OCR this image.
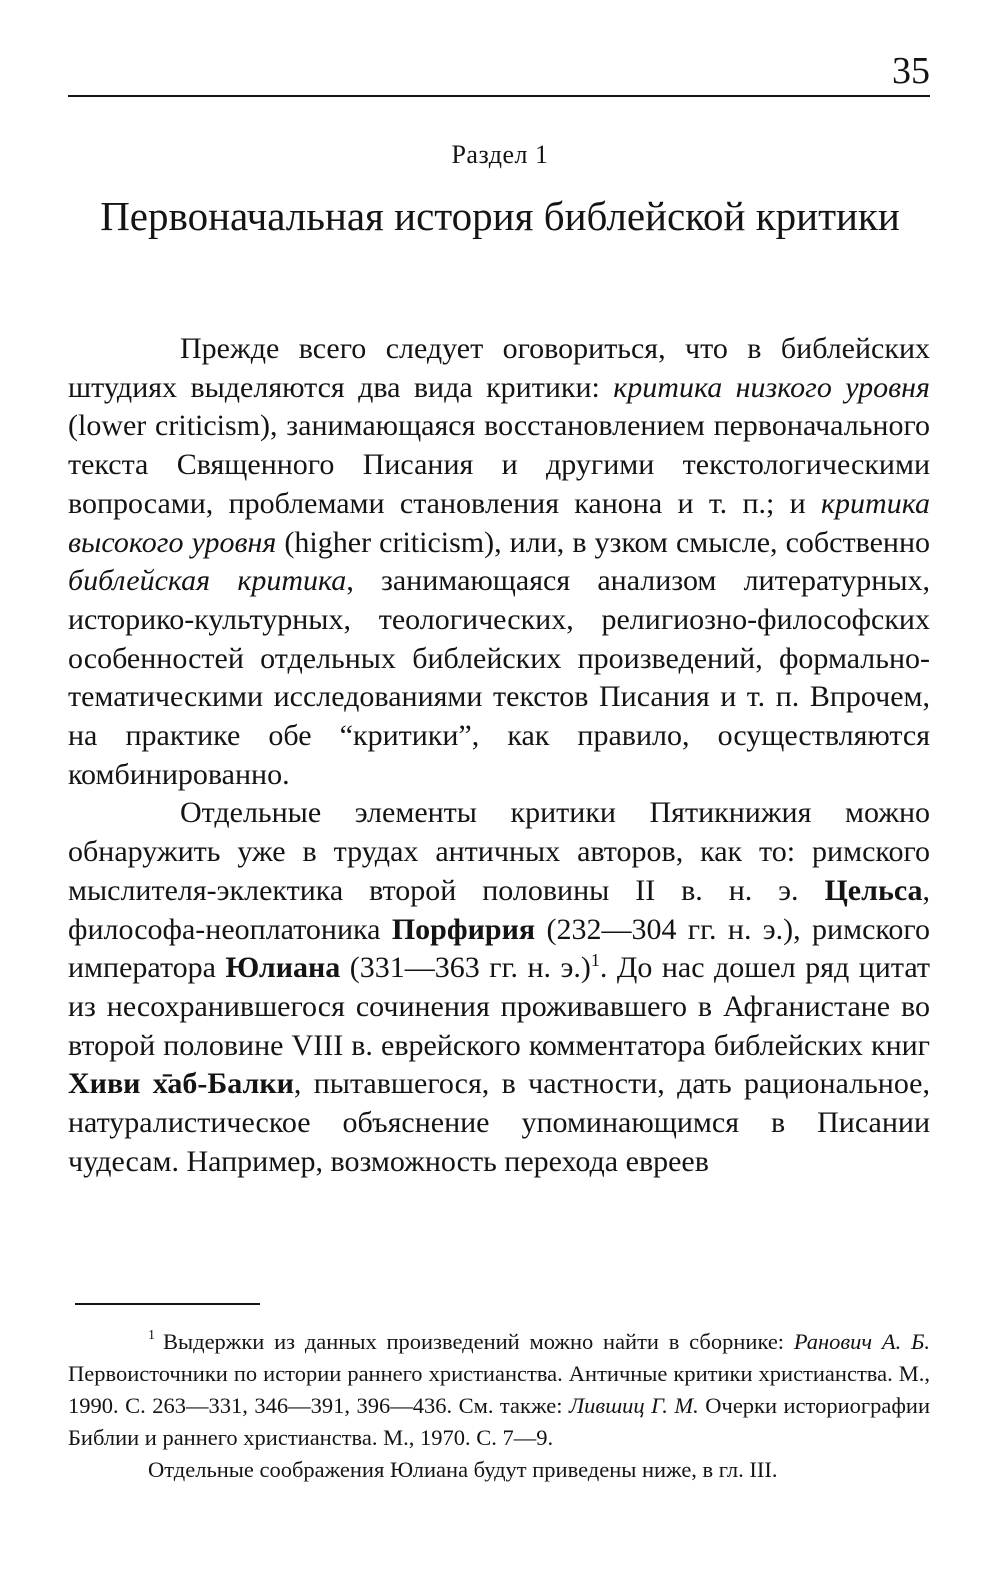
35
Раздел 1
Первоначальная история библейской критики

Прежде всего следует оговориться, что в библейских штудиях выделяются два вида критики: критика низкого уровня (lower criticism), занимающаяся восстановлением первоначального текста Священного Писания и другими текстологическими вопросами, проблемами становления канона и т. п.; и критика высокого уровня (higher criticism), или, в узком смысле, собственно библейская критика, занимающаяся анализом литературных, историко-культурных, теологических, религиозно-философских особенностей отдельных библейских произведений, формально-тематическими исследованиями текстов Писания и т. п. Впрочем, на практике обе “критики”, как правило, осуществляются комбинированно.

Отдельные элементы критики Пятикнижия можно обнаружить уже в трудах античных авторов, как то: римского мыслителя-эклектика второй половины II в. н. э. Цельса, философа-неоплатоника Порфирия (232—304 гг. н. э.), римского императора Юлиана (331—363 гг. н. э.)$^1$. До нас дошел ряд цитат из несохранившегося сочинения проживавшего в Афганистане во второй половине VIII в. еврейского комментатора библейских книг Хиви х̄аб-Балки, пытавшегося, в частности, дать рациональное, натуралистическое объяснение упоминающимся в Писании чудесам. Например, возможность перехода евреев

$^1$ Выдержки из данных произведений можно найти в сборнике: Ранович А. Б. Первоисточники по истории раннего христианства. Античные критики христианства. М., 1990. С. 263—331, 346—391, 396—436. См. также: Лившиц Г. М. Очерки историографии Библии и раннего христианства. М., 1970. С. 7—9.

Отдельные соображения Юлиана будут приведены ниже, в гл. III.
